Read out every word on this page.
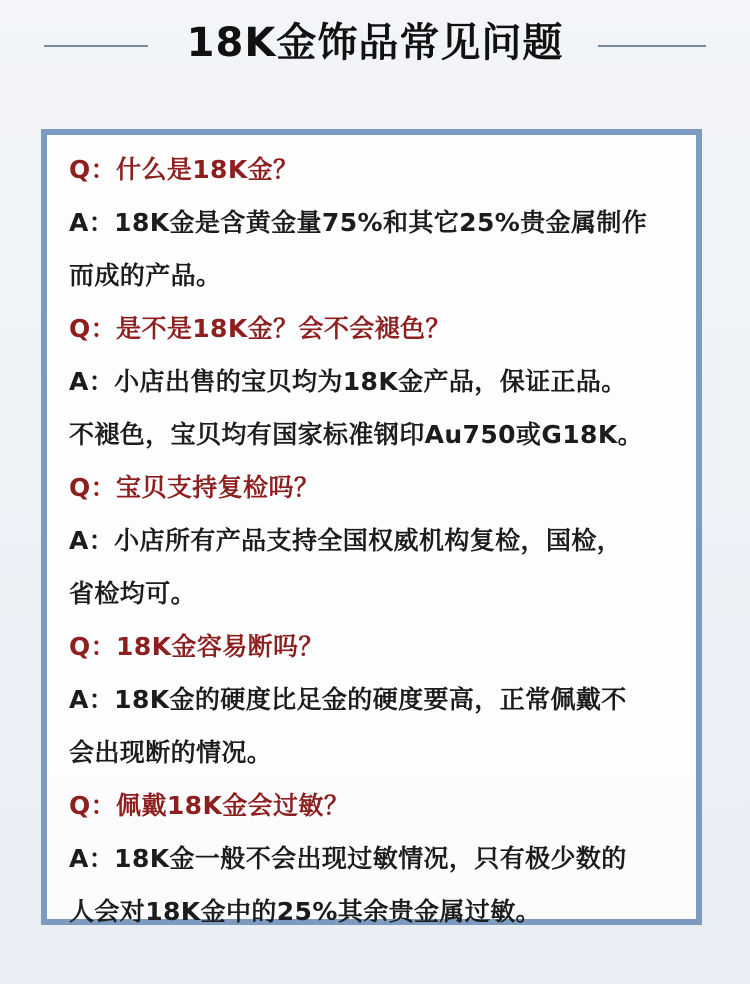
18K金饰品常见问题
Q：什么是18K金？
A：18K金是含黄金量75%和其它25%贵金属制作
而成的产品。
Q：是不是18K金？会不会褪色？
A：小店出售的宝贝均为18K金产品，保证正品。
不褪色，宝贝均有国家标准钢印Au750或G18K。
Q：宝贝支持复检吗？
A：小店所有产品支持全国权威机构复检，国检，
省检均可。
Q：18K金容易断吗？
A：18K金的硬度比足金的硬度要高，正常佩戴不
会出现断的情况。
Q：佩戴18K金会过敏？
A：18K金一般不会出现过敏情况，只有极少数的
人会对18K金中的25%其余贵金属过敏。
